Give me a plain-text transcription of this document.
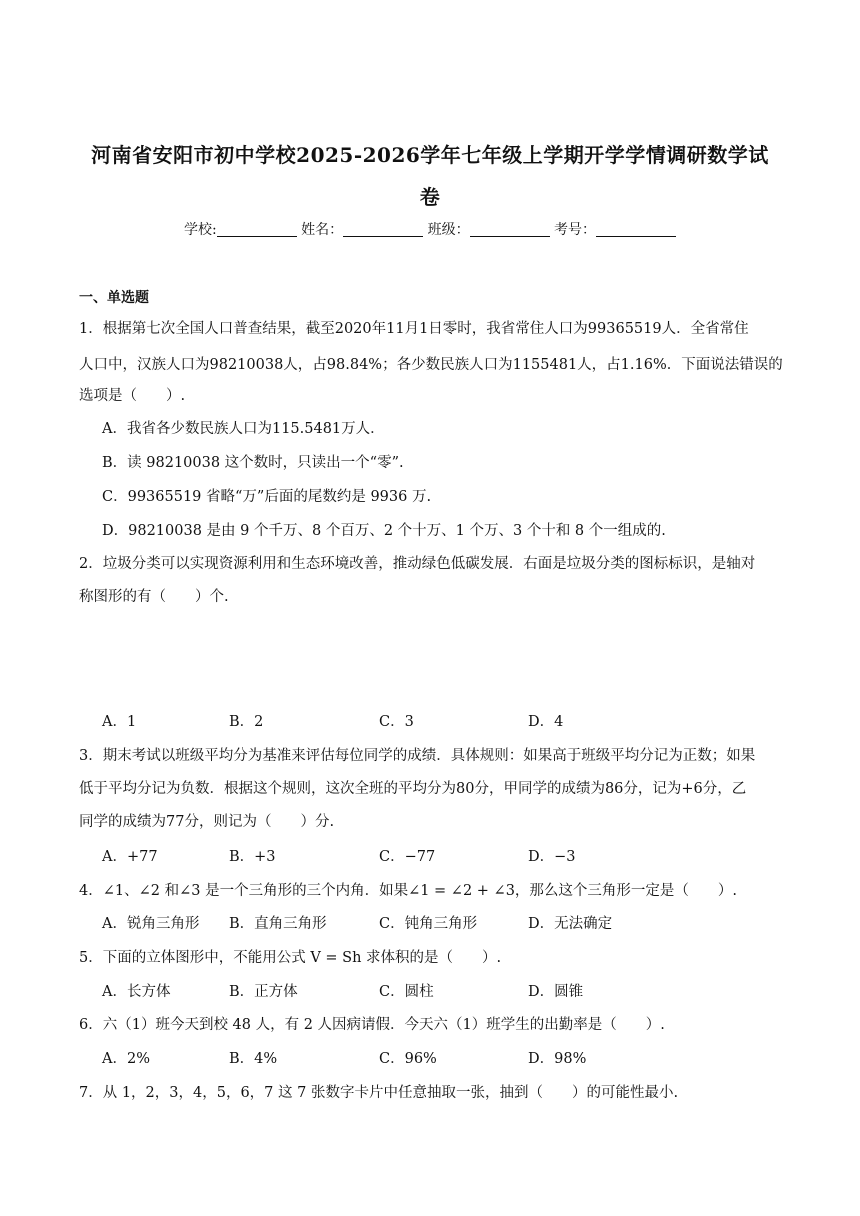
河南省安阳市初中学校2025-2026学年七年级上学期开学学情调研数学试
卷
学校:	姓名：	班级：	考号：
一、单选题
1．根据第七次全国人口普查结果，截至2020年11月1日零时，我省常住人口为99365519人．全省常住
人口中，汉族人口为98210038人，占98.84%；各少数民族人口为1155481人，占1.16%．下面说法错误的
选项是（　　）.
A．我省各少数民族人口为115.5481万人．
B．读 98210038 这个数时，只读出一个“零”.
C．99365519 省略“万”后面的尾数约是 9936 万.
D．98210038 是由 9 个千万、8 个百万、2 个十万、1 个万、3 个十和 8 个一组成的.
2．垃圾分类可以实现资源利用和生态环境改善，推动绿色低碳发展．右面是垃圾分类的图标标识，是轴对
称图形的有（　　）个.
A．1	B．2	C．3	D．4
3．期末考试以班级平均分为基准来评估每位同学的成绩．具体规则：如果高于班级平均分记为正数；如果
低于平均分记为负数．根据这个规则，这次全班的平均分为80分，甲同学的成绩为86分，记为+6分，乙
同学的成绩为77分，则记为（　　）分.
A．+77	B．+3	C．−77	D．−3
4．∠1、∠2 和∠3 是一个三角形的三个内角．如果∠1 = ∠2 + ∠3，那么这个三角形一定是（　　）.
A．锐角三角形 B．直角三角形	C．钝角三角形	D．无法确定
5．下面的立体图形中，不能用公式 V = Sh 求体积的是（　　）.
A．长方体	B．正方体	C．圆柱	D．圆锥
6．六（1）班今天到校 48 人，有 2 人因病请假．今天六（1）班学生的出勤率是（　　）.
A．2%	B．4%	C．96%	D．98%
7．从 1，2，3，4，5，6，7 这 7 张数字卡片中任意抽取一张，抽到（　　）的可能性最小.
